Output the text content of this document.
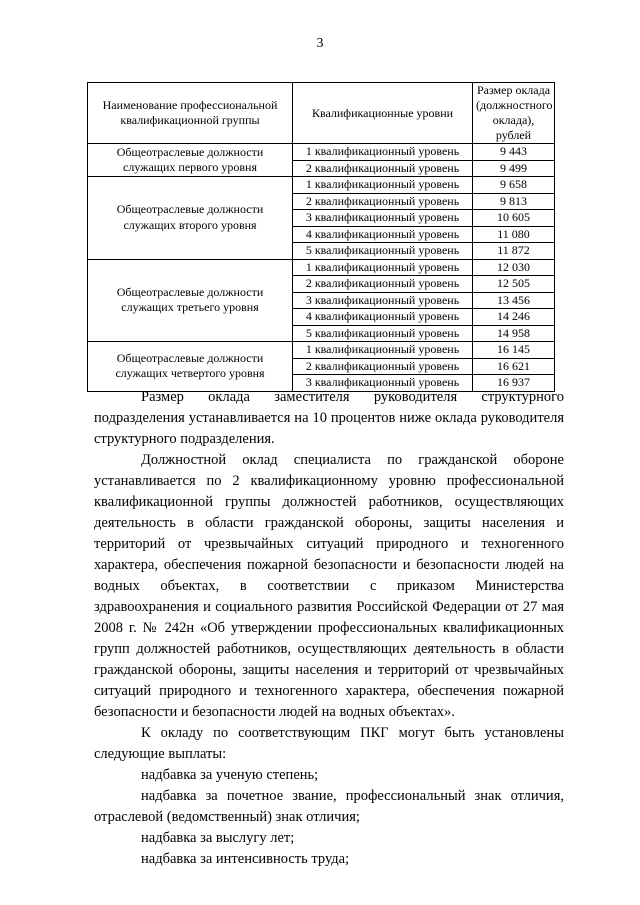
3
Наименование профессиональной квалификационной группы	Квалификационные уровни	Размер оклада (должностного оклада), рублей
Общеотраслевые должности служащих первого уровня	1 квалификационный уровень	9 443
	2 квалификационный уровень	9 499
Общеотраслевые должности служащих второго уровня	1 квалификационный уровень	9 658
	2 квалификационный уровень	9 813
	3 квалификационный уровень	10 605
	4 квалификационный уровень	11 080
	5 квалификационный уровень	11 872
Общеотраслевые должности служащих третьего уровня	1 квалификационный уровень	12 030
	2 квалификационный уровень	12 505
	3 квалификационный уровень	13 456
	4 квалификационный уровень	14 246
	5 квалификационный уровень	14 958
Общеотраслевые должности служащих четвертого уровня	1 квалификационный уровень	16 145
	2 квалификационный уровень	16 621
	3 квалификационный уровень	16 937

Размер оклада заместителя руководителя структурного подразделения устанавливается на 10 процентов ниже оклада руководителя структурного подразделения.

Должностной оклад специалиста по гражданской обороне устанавливается по 2 квалификационному уровню профессиональной квалификационной группы должностей работников, осуществляющих деятельность в области гражданской обороны, защиты населения и территорий от чрезвычайных ситуаций природного и техногенного характера, обеспечения пожарной безопасности и безопасности людей на водных объектах, в соответствии с приказом Министерства здравоохранения и социального развития Российской Федерации от 27 мая 2008 г. № 242н «Об утверждении профессиональных квалификационных групп должностей работников, осуществляющих деятельность в области гражданской обороны, защиты населения и территорий от чрезвычайных ситуаций природного и техногенного характера, обеспечения пожарной безопасности и безопасности людей на водных объектах».

К окладу по соответствующим ПКГ могут быть установлены следующие выплаты:

надбавка за ученую степень;

надбавка за почетное звание, профессиональный знак отличия, отраслевой (ведомственный) знак отличия;

надбавка за выслугу лет;

надбавка за интенсивность труда;
